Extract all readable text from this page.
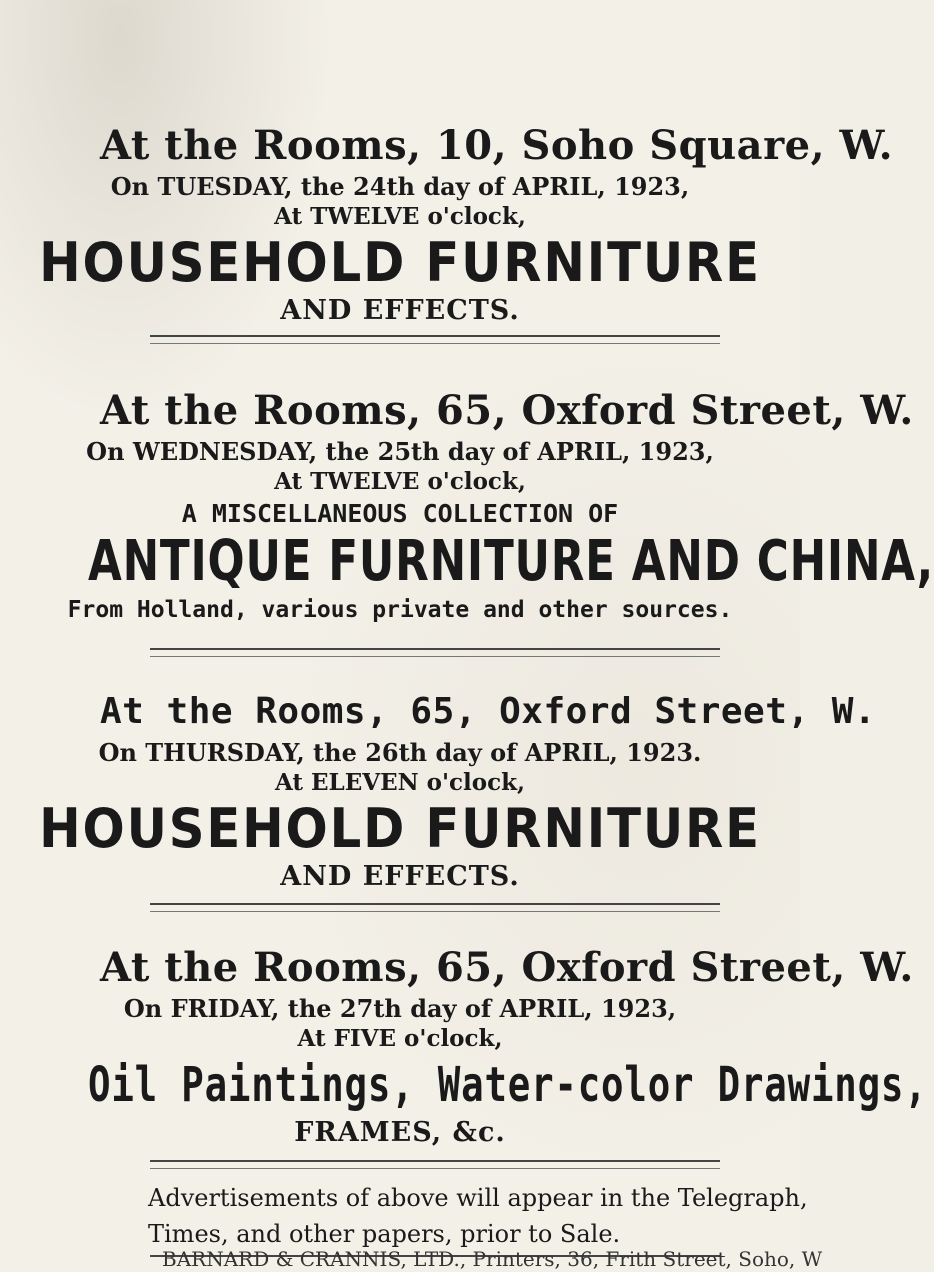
At the Rooms, 10, Soho Square, W.
On TUESDAY, the 24th day of APRIL, 1923,
At TWELVE o'clock,
HOUSEHOLD FURNITURE
AND EFFECTS.
At the Rooms, 65, Oxford Street, W.
On WEDNESDAY, the 25th day of APRIL, 1923,
At TWELVE o'clock,
A MISCELLANEOUS COLLECTION OF
ANTIQUE FURNITURE AND CHINA,
From Holland, various private and other sources.
At the Rooms, 65, Oxford Street, W.
On THURSDAY, the 26th day of APRIL, 1923.
At ELEVEN o'clock,
HOUSEHOLD FURNITURE
AND EFFECTS.
At the Rooms, 65, Oxford Street, W.
On FRIDAY, the 27th day of APRIL, 1923,
At FIVE o'clock,
Oil Paintings, Water-color Drawings,
FRAMES, &c.
Advertisements of above will appear in the Telegraph,
Times, and other papers, prior to Sale.
BARNARD & CRANNIS, LTD., Printers, 36, Frith Street, Soho, W
